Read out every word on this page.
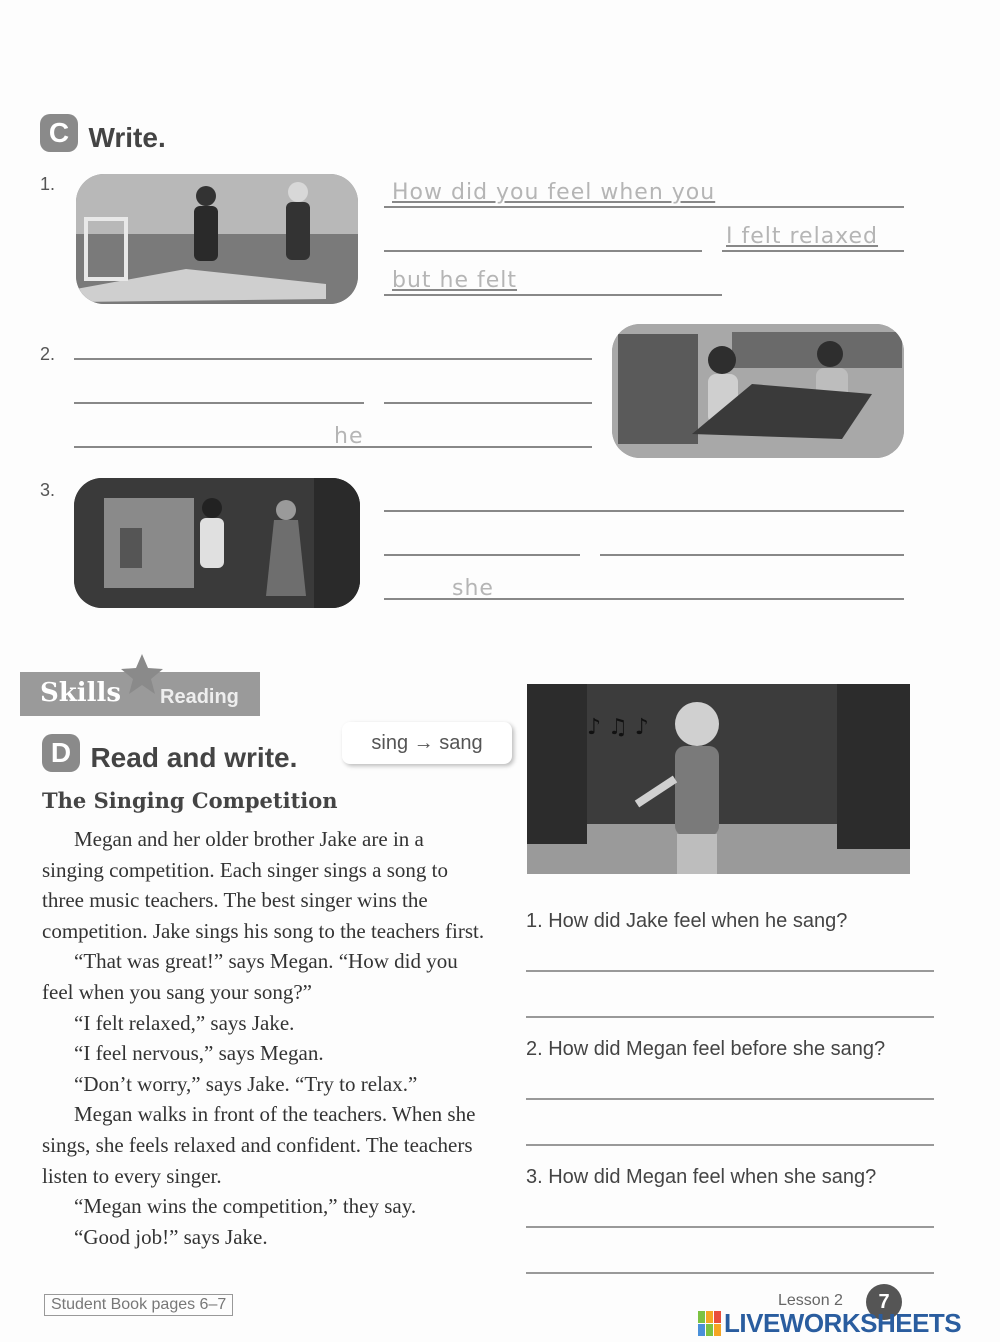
C Write.
1.	How did you feel when you
I felt relaxed
but he felt
2.
he
3.
she
Skills Reading
D Read and write.	sing → sang
The Singing Competition

Megan and her older brother Jake are in a singing competition. Each singer sings a song to three music teachers. The best singer wins the competition. Jake sings his song to the teachers first.

“That was great!” says Megan. “How did you feel when you sang your song?”

“I felt relaxed,” says Jake.

“I feel nervous,” says Megan.

“Don’t worry,” says Jake. “Try to relax.”

Megan walks in front of the teachers. When she sings, she feels relaxed and confident. The teachers listen to every singer.

“Megan wins the competition,” they say.

“Good job!” says Jake.

♪ ♫ ♪
1. How did Jake feel when he sang?
2. How did Megan feel before she sang?
3. How did Megan feel when she sang?
Student Book pages 6–7	Lesson 2	7
LIVEWORKSHEETS
